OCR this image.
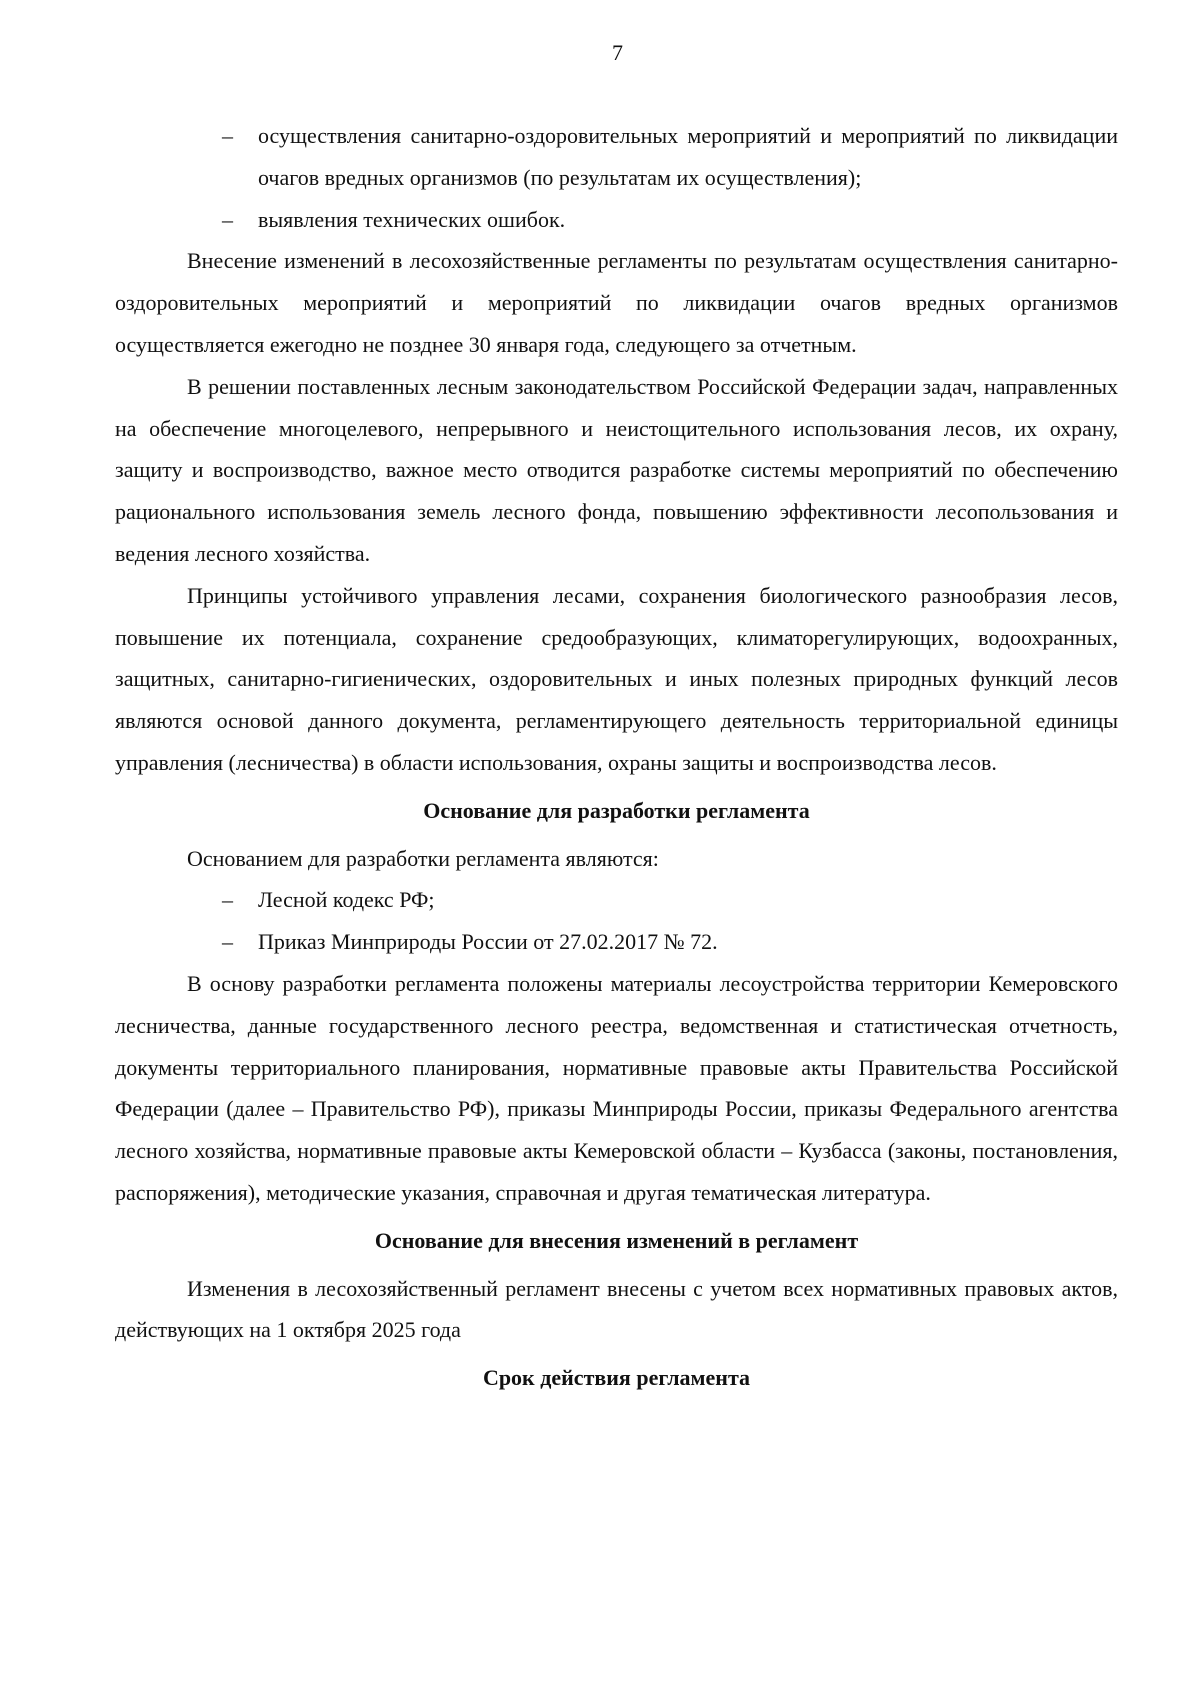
7
– осуществления санитарно-оздоровительных мероприятий и мероприятий по ликвидации очагов вредных организмов (по результатам их осуществления);
– выявления технических ошибок.

Внесение изменений в лесохозяйственные регламенты по результатам осуществления санитарно-оздоровительных мероприятий и мероприятий по ликвидации очагов вредных организмов осуществляется ежегодно не позднее 30 января года, следующего за отчетным.

В решении поставленных лесным законодательством Российской Федерации задач, направленных на обеспечение многоцелевого, непрерывного и неистощительного использования лесов, их охрану, защиту и воспроизводство, важное место отводится разработке системы мероприятий по обеспечению рационального использования земель лесного фонда, повышению эффективности лесопользования и ведения лесного хозяйства.

Принципы устойчивого управления лесами, сохранения биологического разнообразия лесов, повышение их потенциала, сохранение средообразующих, климаторегулирующих, водоохранных, защитных, санитарно-гигиенических, оздоровительных и иных полезных природных функций лесов являются основой данного документа, регламентирующего деятельность территориальной единицы управления (лесничества) в области использования, охраны защиты и воспроизводства лесов.

Основание для разработки регламента

Основанием для разработки регламента являются:

– Лесной кодекс РФ;
– Приказ Минприроды России от 27.02.2017 № 72.

В основу разработки регламента положены материалы лесоустройства территории Кемеровского лесничества, данные государственного лесного реестра, ведомственная и статистическая отчетность, документы территориального планирования, нормативные правовые акты Правительства Российской Федерации (далее – Правительство РФ), приказы Минприроды России, приказы Федерального агентства лесного хозяйства, нормативные правовые акты Кемеровской области – Кузбасса (законы, постановления, распоряжения), методические указания, справочная и другая тематическая литература.

Основание для внесения изменений в регламент

Изменения в лесохозяйственный регламент внесены с учетом всех нормативных правовых актов, действующих на 1 октября 2025 года

Срок действия регламента
